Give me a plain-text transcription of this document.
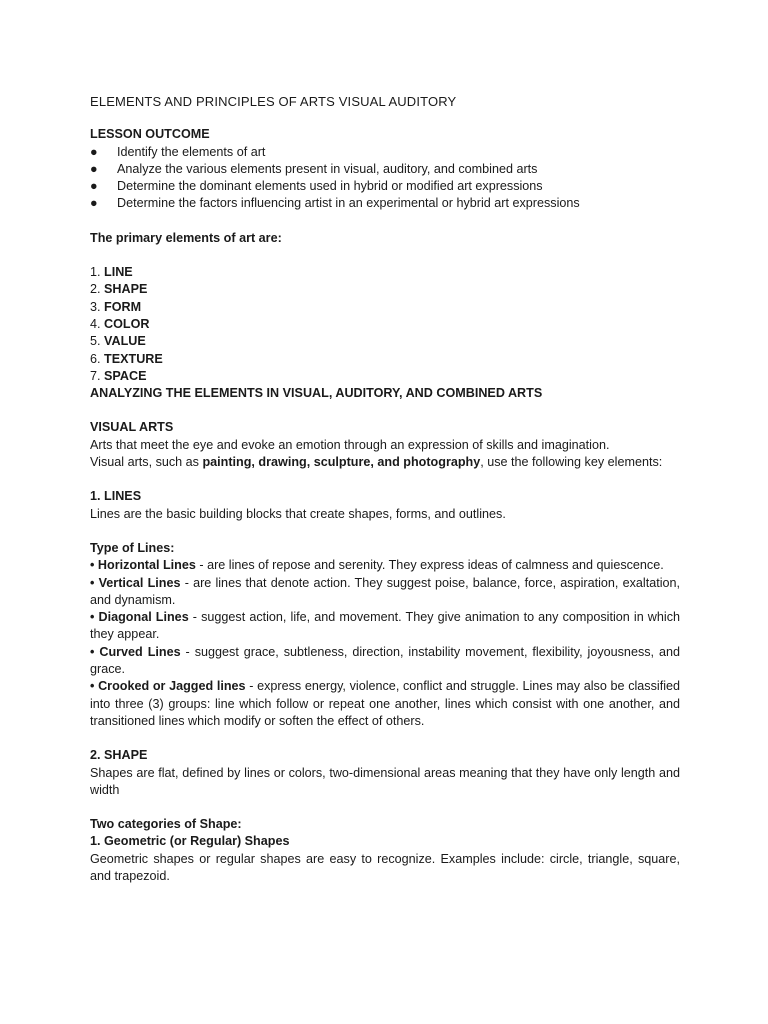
ELEMENTS AND PRINCIPLES OF ARTS VISUAL AUDITORY

LESSON OUTCOME

● Identify the elements of art
● Analyze the various elements present in visual, auditory, and combined arts
● Determine the dominant elements used in hybrid or modified art expressions
● Determine the factors influencing artist in an experimental or hybrid art expressions

The primary elements of art are:

1. LINE
2. SHAPE
3. FORM
4. COLOR
5. VALUE
6. TEXTURE
7. SPACE

ANALYZING THE ELEMENTS IN VISUAL, AUDITORY, AND COMBINED ARTS

VISUAL ARTS

Arts that meet the eye and evoke an emotion through an expression of skills and imagination.

Visual arts, such as painting, drawing, sculpture, and photography, use the following key elements:

1. LINES

Lines are the basic building blocks that create shapes, forms, and outlines.

Type of Lines:

• Horizontal Lines - are lines of repose and serenity. They express ideas of calmness and quiescence.

• Vertical Lines - are lines that denote action. They suggest poise, balance, force, aspiration, exaltation, and dynamism.

• Diagonal Lines - suggest action, life, and movement. They give animation to any composition in which they appear.

• Curved Lines - suggest grace, subtleness, direction, instability movement, flexibility, joyousness, and grace.

• Crooked or Jagged lines - express energy, violence, conflict and struggle. Lines may also be classified into three (3) groups: line which follow or repeat one another, lines which consist with one another, and transitioned lines which modify or soften the effect of others.

2. SHAPE

Shapes are flat, defined by lines or colors, two-dimensional areas meaning that they have only length and width

Two categories of Shape:

1. Geometric (or Regular) Shapes

Geometric shapes or regular shapes are easy to recognize. Examples include: circle, triangle, square, and trapezoid.
